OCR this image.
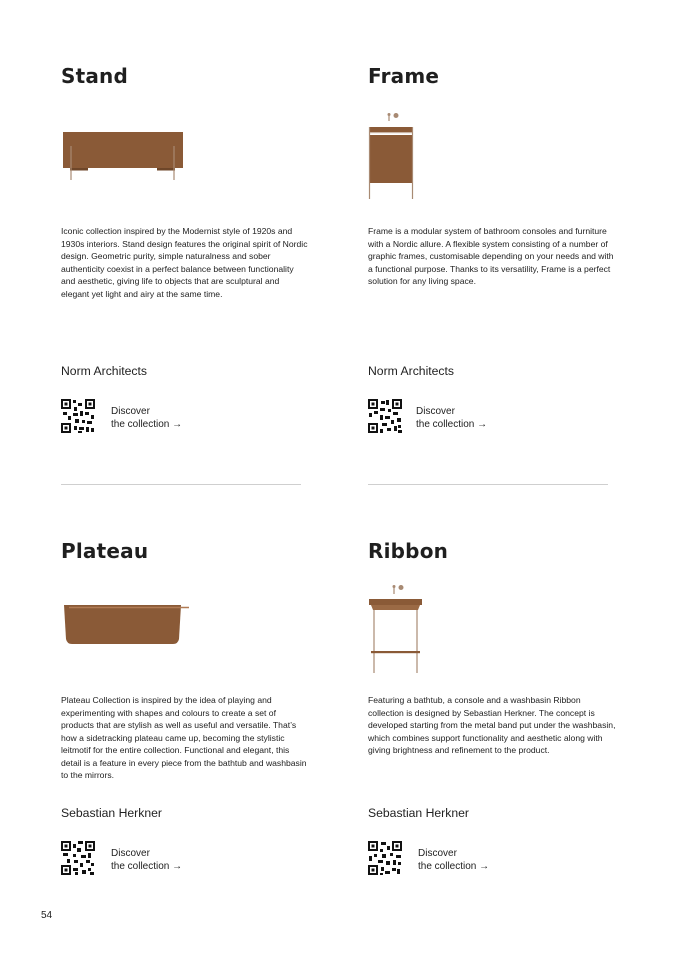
Stand

Iconic collection inspired by the Modernist style of 1920s and 1930s interiors. Stand design features the original spirit of Nordic design. Geometric purity, simple naturalness and sober authenticity coexist in a perfect balance between functionality and aesthetic, giving life to objects that are sculptural and elegant yet light and airy at the same time.

Norm Architects

Discover
the collection →
Frame

Frame is a modular system of bathroom consoles and furniture with a Nordic allure. A flexible system consisting of a number of graphic frames, customisable depending on your needs and with a functional purpose. Thanks to its versatility, Frame is a perfect solution for any living space.

Norm Architects

Discover
the collection →
Plateau

Plateau Collection is inspired by the idea of playing and experimenting with shapes and colours to create a set of products that are stylish as well as useful and versatile. That’s how a sidetracking plateau came up, becoming the stylistic leitmotif for the entire collection. Functional and elegant, this detail is a feature in every piece from the bathtub and washbasin to the mirrors.

Sebastian Herkner

Discover
the collection →
Ribbon

Featuring a bathtub, a console and a washbasin Ribbon collection is designed by Sebastian Herkner. The concept is developed starting from the metal band put under the washbasin, which combines support functionality and aesthetic along with giving brightness and refinement to the product.

Sebastian Herkner

Discover
the collection →
54
